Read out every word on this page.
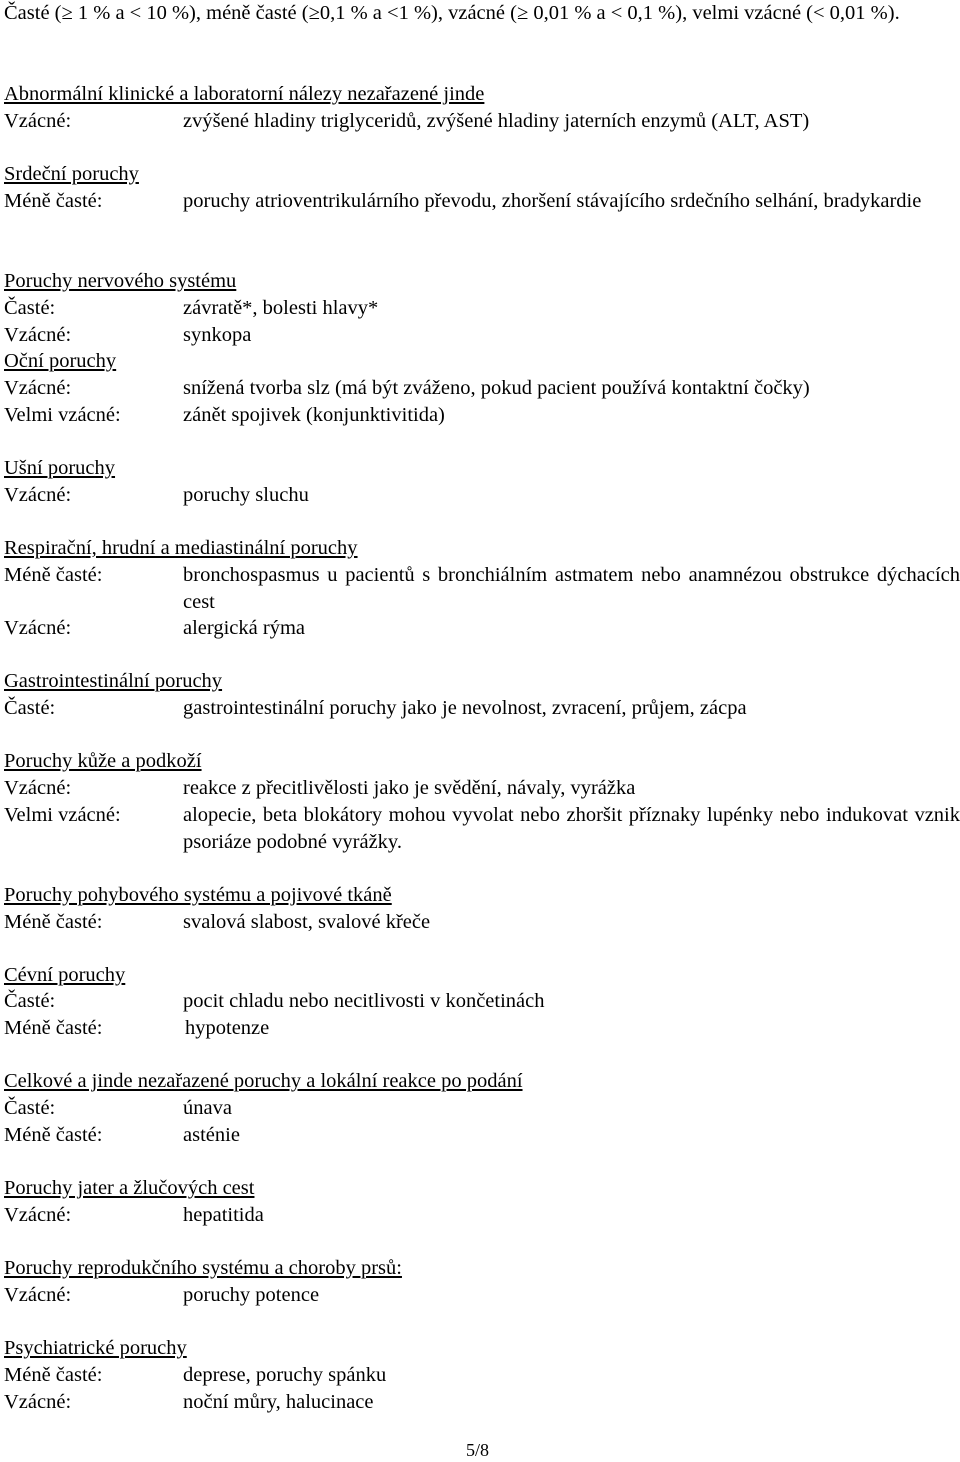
Časté (≥ 1 % a < 10 %), méně časté (≥0,1 % a <1 %), vzácné (≥ 0,01 % a < 0,1 %), velmi vzácné (< 0,01 %).
Abnormální klinické a laboratorní nálezy nezařazené jinde
Vzácné:	zvýšené hladiny triglyceridů, zvýšené hladiny jaterních enzymů (ALT, AST)
Srdeční poruchy
Méně časté:	poruchy atrioventrikulárního převodu, zhoršení stávajícího srdečního selhání, bradykardie
Poruchy nervového systému
Časté:	závratě*, bolesti hlavy*
Vzácné:	synkopa
Oční poruchy
Vzácné:	snížená tvorba slz (má být zváženo, pokud pacient používá kontaktní čočky)
Velmi vzácné:	zánět spojivek (konjunktivitida)
Ušní poruchy
Vzácné:	poruchy sluchu
Respirační, hrudní a mediastinální poruchy
Méně časté:	bronchospasmus u pacientů s bronchiálním astmatem nebo anamnézou obstrukce dýchacích cest
Vzácné:	alergická rýma
Gastrointestinální poruchy
Časté:	gastrointestinální poruchy jako je nevolnost, zvracení, průjem, zácpa
Poruchy kůže a podkoží
Vzácné:	reakce z přecitlivělosti jako je svědění, návaly, vyrážka
Velmi vzácné:	alopecie, beta blokátory mohou vyvolat nebo zhoršit příznaky lupénky nebo indukovat vznik psoriáze podobné vyrážky.
Poruchy pohybového systému a pojivové tkáně
Méně časté:	svalová slabost, svalové křeče
Cévní poruchy
Časté:	pocit chladu nebo necitlivosti v končetinách
Méně časté:	hypotenze
Celkové a jinde nezařazené poruchy a lokální reakce po podání
Časté:	únava
Méně časté:	asténie
Poruchy jater a žlučových cest
Vzácné:	hepatitida
Poruchy reprodukčního systému a choroby prsů:
Vzácné:	poruchy potence
Psychiatrické poruchy
Méně časté:	deprese, poruchy spánku
Vzácné:	noční můry, halucinace
5/8
